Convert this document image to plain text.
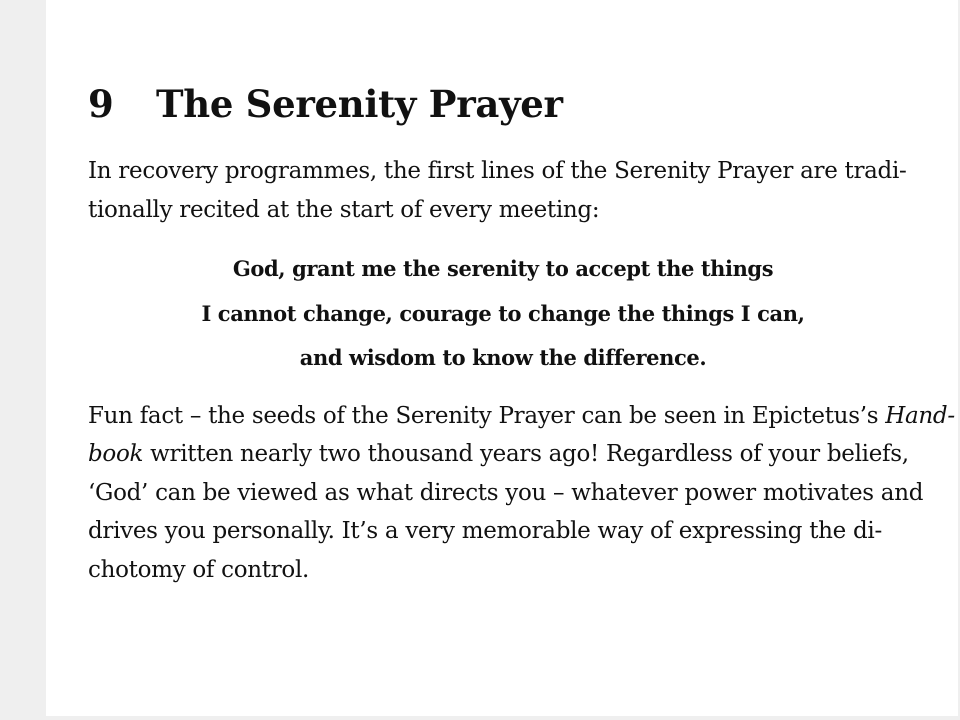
9	The Serenity Prayer

In recovery programmes, the first lines of the Serenity Prayer are tradi-
tionally recited at the start of every meeting:

God, grant me the serenity to accept the things
I cannot change, courage to change the things I can,
and wisdom to know the difference.

Fun fact – the seeds of the Serenity Prayer can be seen in Epictetus’s Hand-
book written nearly two thousand years ago! Regardless of your beliefs,
‘God’ can be viewed as what directs you – whatever power motivates and
drives you personally. It’s a very memorable way of expressing the di-
chotomy of control.
